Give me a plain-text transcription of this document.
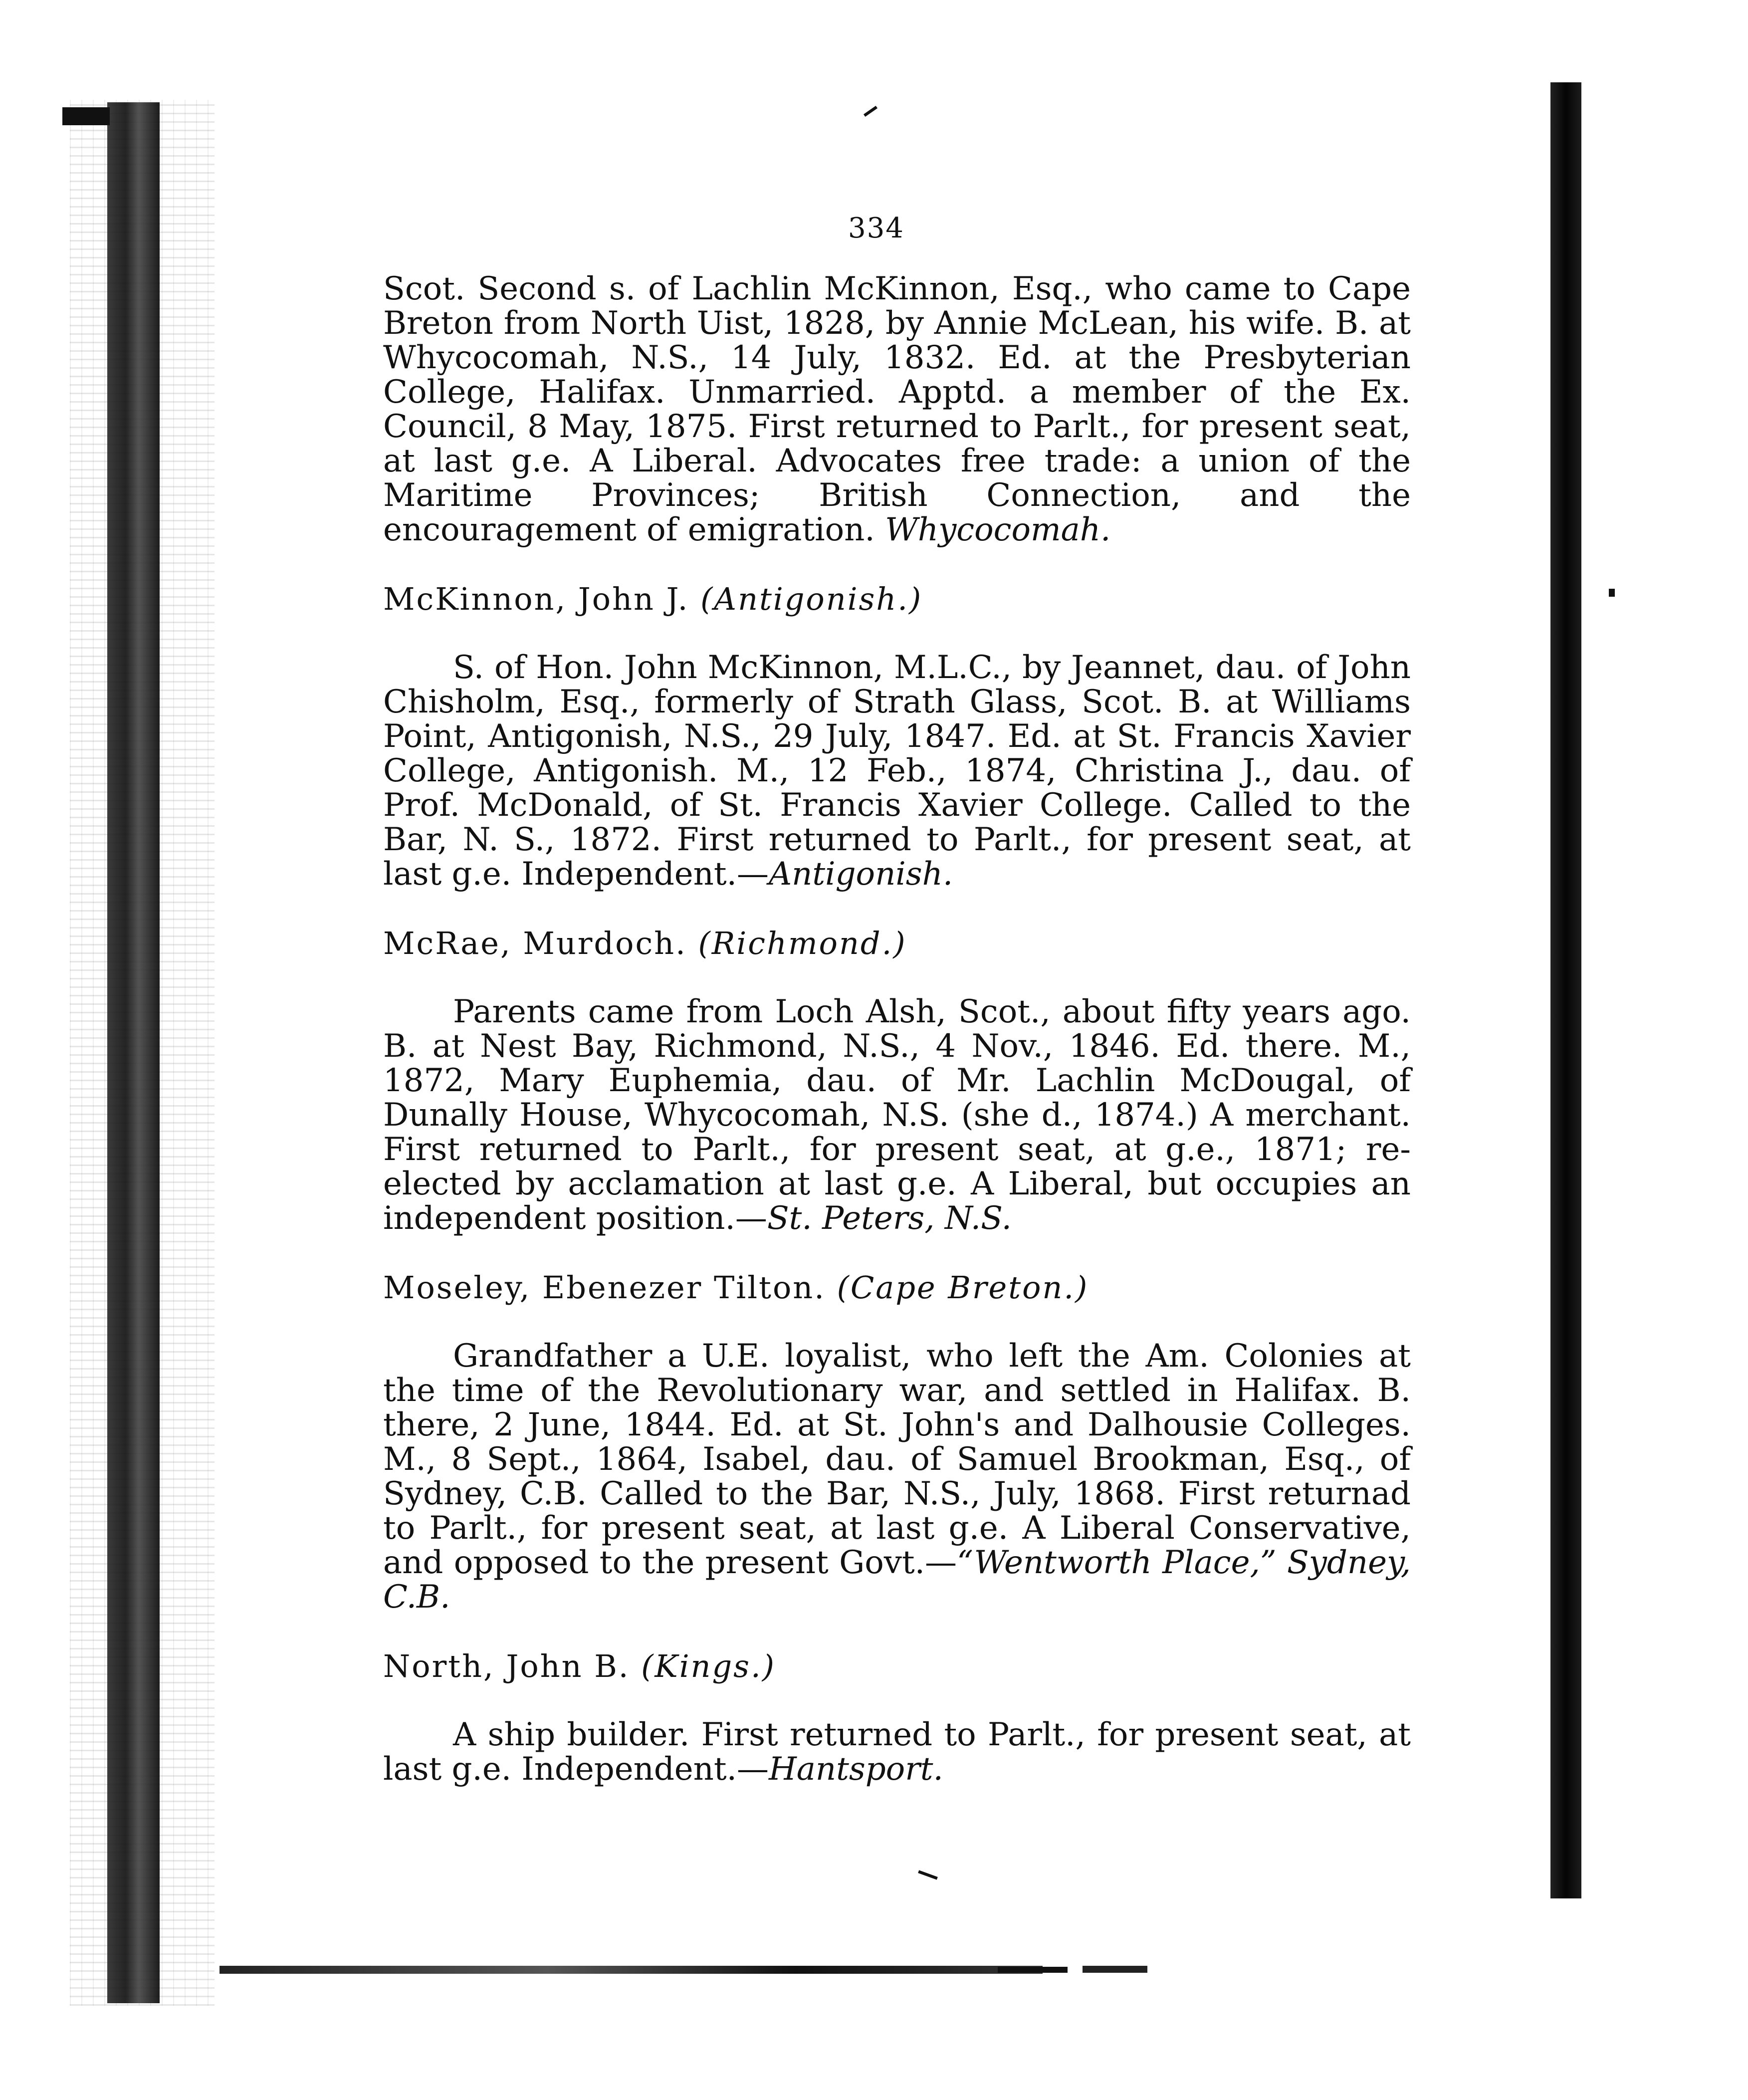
334

Scot. Second s. of Lachlin McKinnon, Esq., who came to Cape Breton from North Uist, 1828, by Annie McLean, his wife. B. at Whycocomah, N.S., 14 July, 1832. Ed. at the Presbyterian College, Halifax. Unmarried. Apptd. a member of the Ex. Council, 8 May, 1875. First returned to Parlt., for present seat, at last g.e. A Liberal. Advocates free trade: a union of the Maritime Provinces; British Connection, and the encouragement of emigration. Whycocomah.

McKinnon, John J. (Antigonish.)

S. of Hon. John McKinnon, M.L.C., by Jeannet, dau. of John Chisholm, Esq., formerly of Strath Glass, Scot. B. at Williams Point, Antigonish, N.S., 29 July, 1847. Ed. at St. Francis Xavier College, Antigonish. M., 12 Feb., 1874, Christina J., dau. of Prof. McDonald, of St. Francis Xavier College. Called to the Bar, N. S., 1872. First returned to Parlt., for present seat, at last g.e. Independent.—Antigonish.

McRae, Murdoch. (Richmond.)

Parents came from Loch Alsh, Scot., about fifty years ago. B. at Nest Bay, Richmond, N.S., 4 Nov., 1846. Ed. there. M., 1872, Mary Euphemia, dau. of Mr. Lachlin McDougal, of Dunally House, Whycocomah, N.S. (she d., 1874.) A merchant. First returned to Parlt., for present seat, at g.e., 1871; re-elected by acclamation at last g.e. A Liberal, but occupies an independent position.—St. Peters, N.S.

Moseley, Ebenezer Tilton. (Cape Breton.)

Grandfather a U.E. loyalist, who left the Am. Colonies at the time of the Revolutionary war, and settled in Halifax. B. there, 2 June, 1844. Ed. at St. John's and Dalhousie Colleges. M., 8 Sept., 1864, Isabel, dau. of Samuel Brookman, Esq., of Sydney, C.B. Called to the Bar, N.S., July, 1868. First returnad to Parlt., for present seat, at last g.e. A Liberal Conservative, and opposed to the present Govt.—“Wentworth Place,” Sydney, C.B.

North, John B. (Kings.)

A ship builder. First returned to Parlt., for present seat, at last g.e. Independent.—Hantsport.
